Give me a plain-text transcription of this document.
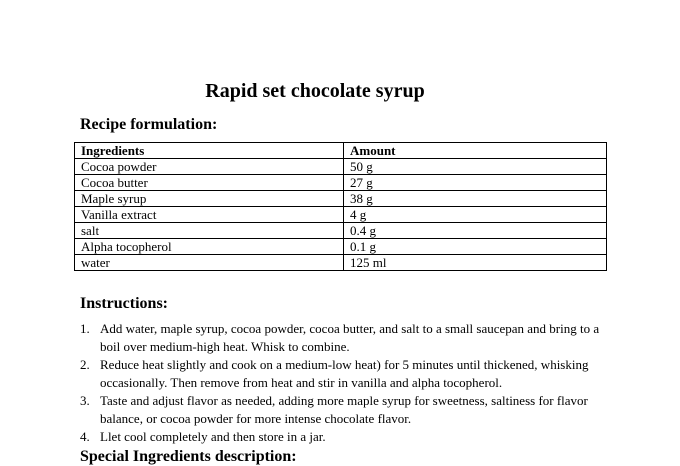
Rapid set chocolate syrup
Recipe formulation:
Ingredients	Amount
Cocoa powder	50 g
Cocoa butter	27 g
Maple syrup	38 g
Vanilla extract	4 g
salt	0.4 g
Alpha tocopherol	0.1 g
water	125 ml
Instructions:
1. Add water, maple syrup, cocoa powder, cocoa butter, and salt to a small saucepan and bring to a boil over medium-high heat. Whisk to combine.
2. Reduce heat slightly and cook on a medium-low heat) for 5 minutes until thickened, whisking occasionally. Then remove from heat and stir in vanilla and alpha tocopherol.
3. Taste and adjust flavor as needed, adding more maple syrup for sweetness, saltiness for flavor balance, or cocoa powder for more intense chocolate flavor.
4. Llet cool completely and then store in a jar.
Special Ingredients description:
